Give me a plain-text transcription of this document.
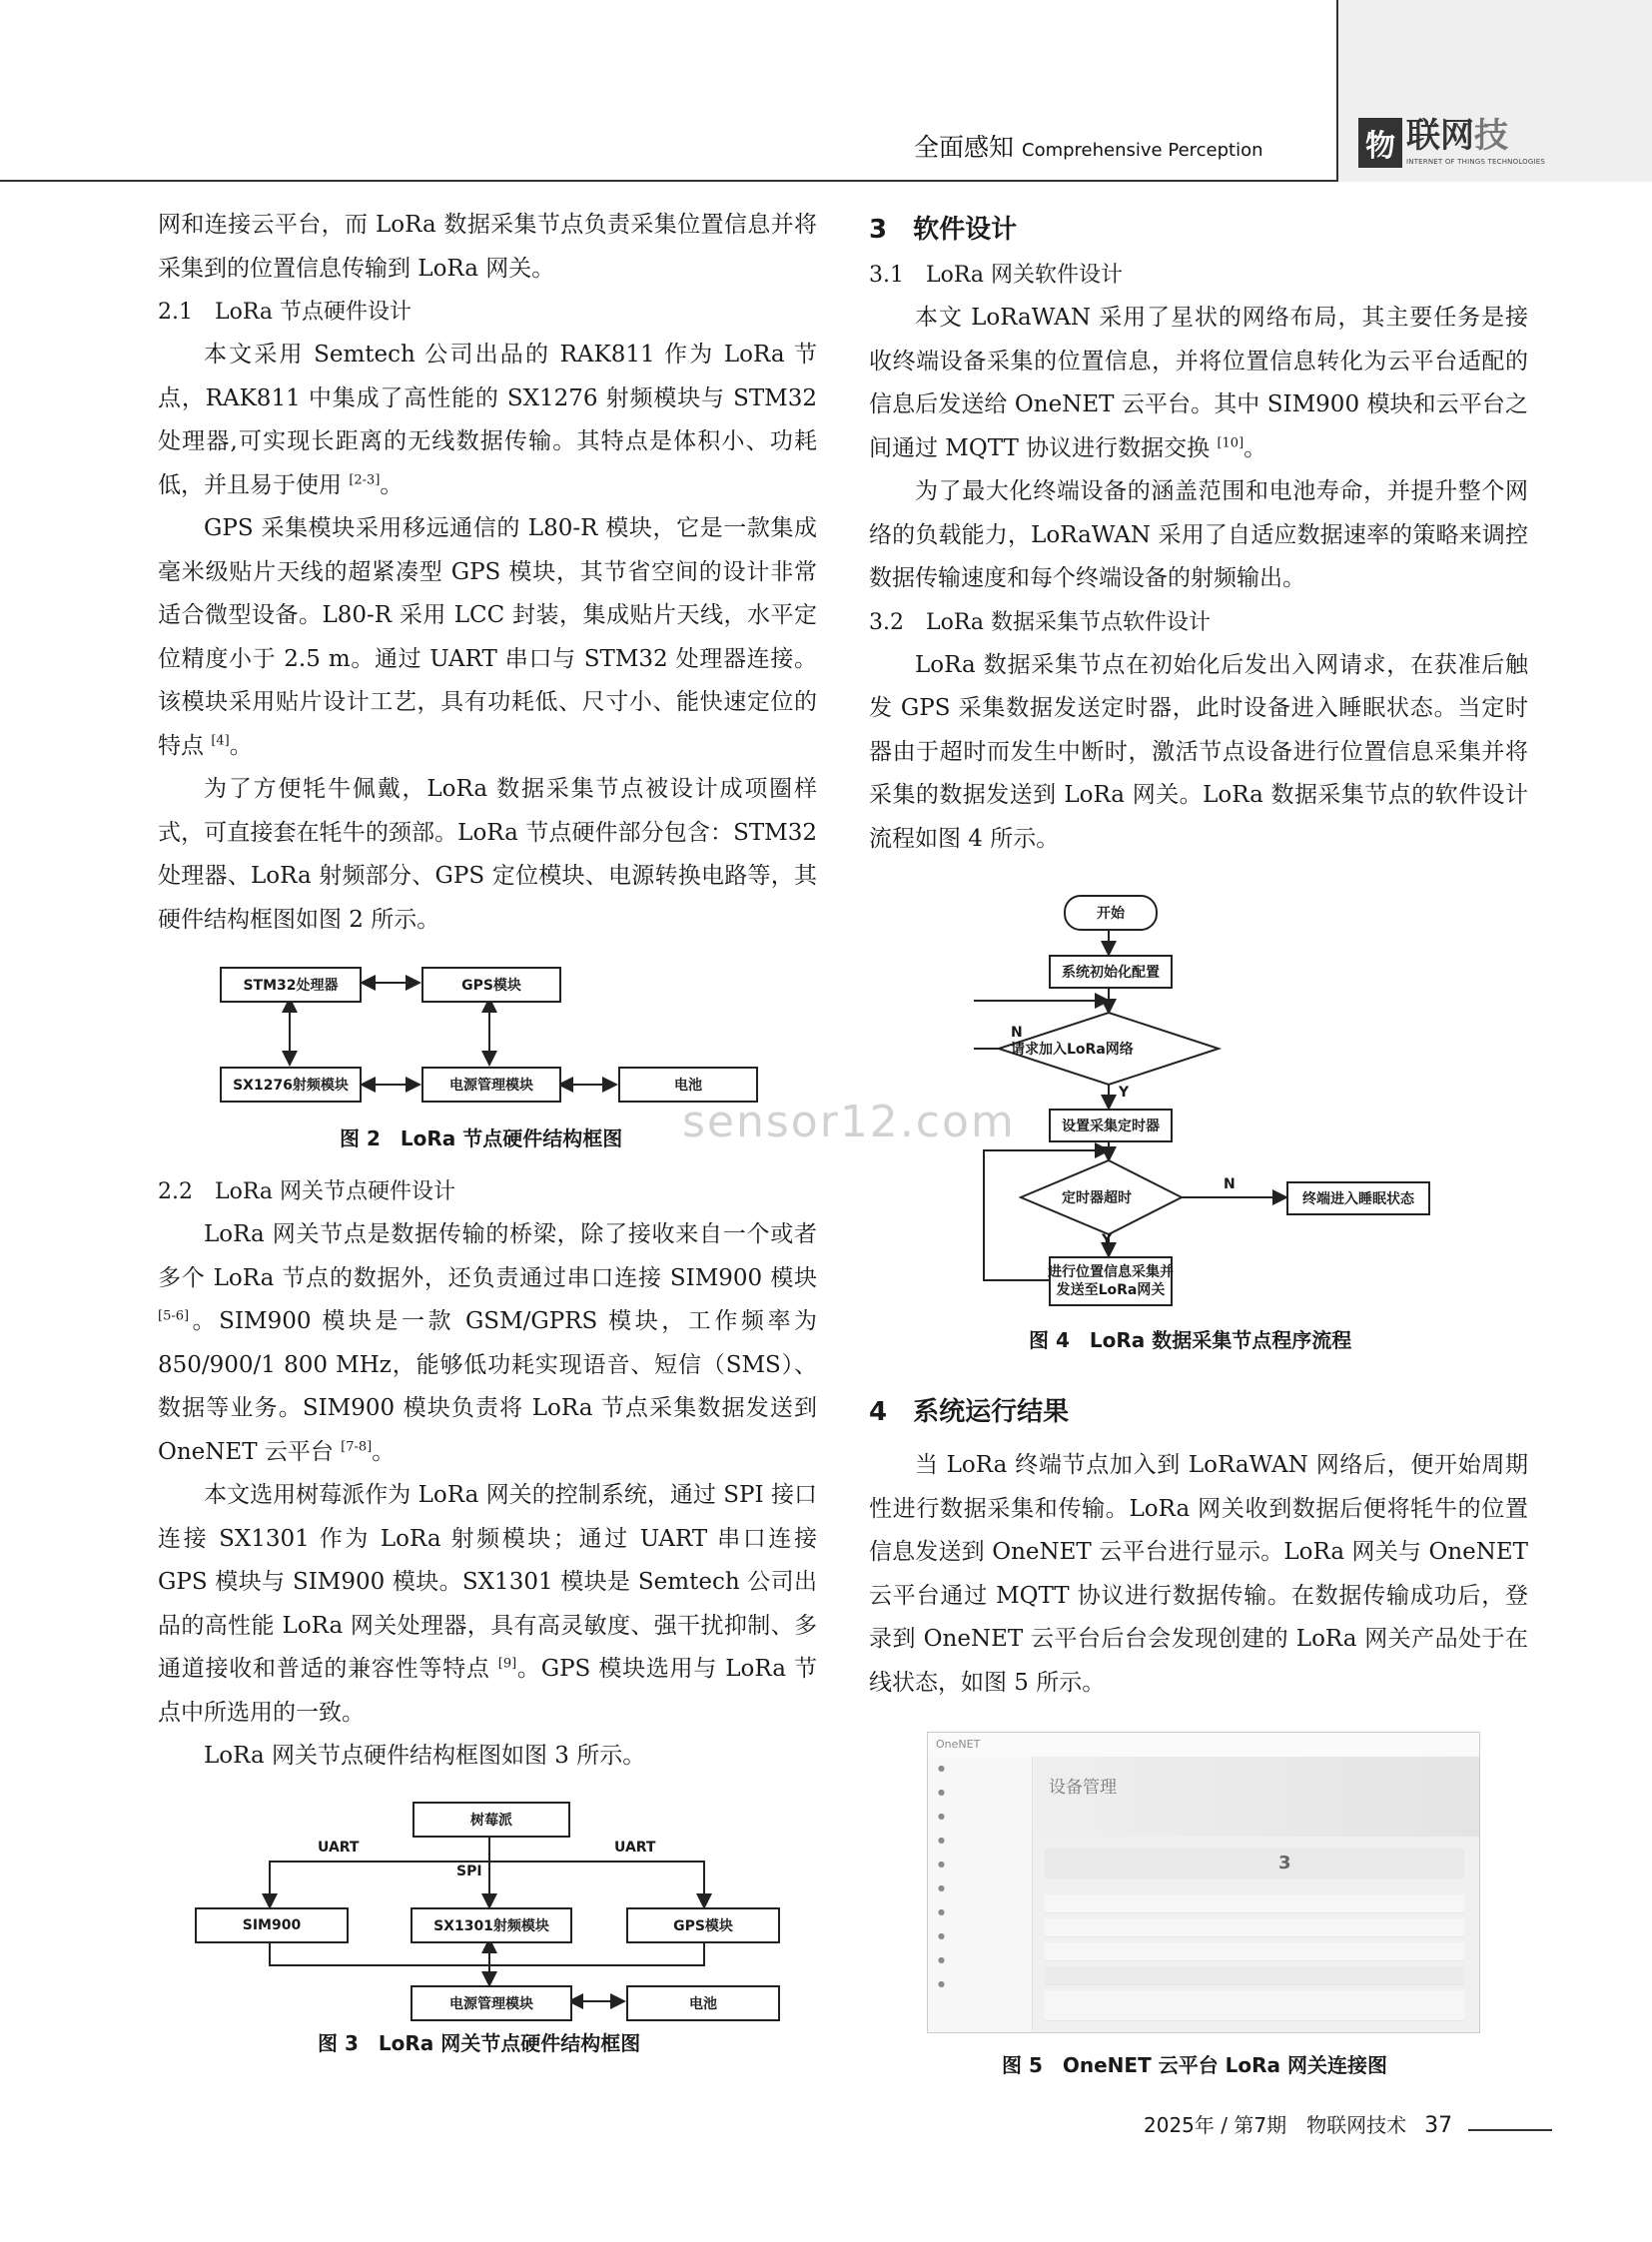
全面感知 Comprehensive Perception	物 联网技
INTERNET OF THINGS TECHNOLOGIES

网和连接云平台，而 LoRa 数据采集节点负责采集位置信息并将采集到的位置信息传输到 LoRa 网关。

2.1　LoRa 节点硬件设计

本文采用 Semtech 公司出品的 RAK811 作为 LoRa 节点，RAK811 中集成了高性能的 SX1276 射频模块与 STM32 处理器,可实现长距离的无线数据传输。其特点是体积小、功耗低，并且易于使用 [2-3]。

GPS 采集模块采用移远通信的 L80-R 模块，它是一款集成毫米级贴片天线的超紧凑型 GPS 模块，其节省空间的设计非常适合微型设备。L80-R 采用 LCC 封装，集成贴片天线，水平定位精度小于 2.5 m。通过 UART 串口与 STM32 处理器连接。该模块采用贴片设计工艺，具有功耗低、尺寸小、能快速定位的特点 [4]。

为了方便牦牛佩戴，LoRa 数据采集节点被设计成项圈样式，可直接套在牦牛的颈部。LoRa 节点硬件部分包含：STM32 处理器、LoRa 射频部分、GPS 定位模块、电源转换电路等，其硬件结构框图如图 2 所示。

STM32处理器	GPS模块
SX1276射频模块	电源管理模块	电池
图 2　LoRa 节点硬件结构框图
2.2　LoRa 网关节点硬件设计

LoRa 网关节点是数据传输的桥梁，除了接收来自一个或者多个 LoRa 节点的数据外，还负责通过串口连接 SIM900 模块 [5-6]。SIM900 模块是一款 GSM/GPRS 模块，工作频率为 850/900/1 800 MHz，能够低功耗实现语音、短信（SMS）、数据等业务。SIM900 模块负责将 LoRa 节点采集数据发送到 OneNET 云平台 [7-8]。

本文选用树莓派作为 LoRa 网关的控制系统，通过 SPI 接口连接 SX1301 作为 LoRa 射频模块；通过 UART 串口连接 GPS 模块与 SIM900 模块。SX1301 模块是 Semtech 公司出品的高性能 LoRa 网关处理器，具有高灵敏度、强干扰抑制、多通道接收和普适的兼容性等特点 [9]。GPS 模块选用与 LoRa 节点中所选用的一致。

LoRa 网关节点硬件结构框图如图 3 所示。

树莓派
UART	UART
SPI
SIM900	SX1301射频模块	GPS模块
电源管理模块	电池
图 3　LoRa 网关节点硬件结构框图
3　软件设计
3.1　LoRa 网关软件设计

本文 LoRaWAN 采用了星状的网络布局，其主要任务是接收终端设备采集的位置信息，并将位置信息转化为云平台适配的信息后发送给 OneNET 云平台。其中 SIM900 模块和云平台之间通过 MQTT 协议进行数据交换 [10]。

为了最大化终端设备的涵盖范围和电池寿命，并提升整个网络的负载能力，LoRaWAN 采用了自适应数据速率的策略来调控数据传输速度和每个终端设备的射频输出。

3.2　LoRa 数据采集节点软件设计

LoRa 数据采集节点在初始化后发出入网请求，在获准后触发 GPS 采集数据发送定时器，此时设备进入睡眠状态。当定时器由于超时而发生中断时，激活节点设备进行位置信息采集并将采集的数据发送到 LoRa 网关。LoRa 数据采集节点的软件设计流程如图 4 所示。

开始
系统初始化配置
请求加入LoRa网络
N
Y
设置采集定时器
定时器超时
N
Y
终端进入睡眠状态
进行位置信息采集并
发送至LoRa网关
图 4　LoRa 数据采集节点程序流程
sensor12.com
4　系统运行结果

当 LoRa 终端节点加入到 LoRaWAN 网络后，便开始周期性进行数据采集和传输。LoRa 网关收到数据后便将牦牛的位置信息发送到 OneNET 云平台进行显示。LoRa 网关与 OneNET 云平台通过 MQTT 协议进行数据传输。在数据传输成功后，登录到 OneNET 云平台后台会发现创建的 LoRa 网关产品处于在线状态，如图 5 所示。

OneNET
●
●
●
●
●
●
●
●
●
●
设备管理
3
图 5　OneNET 云平台 LoRa 网关连接图
2025年 / 第7期　物联网技术 37
